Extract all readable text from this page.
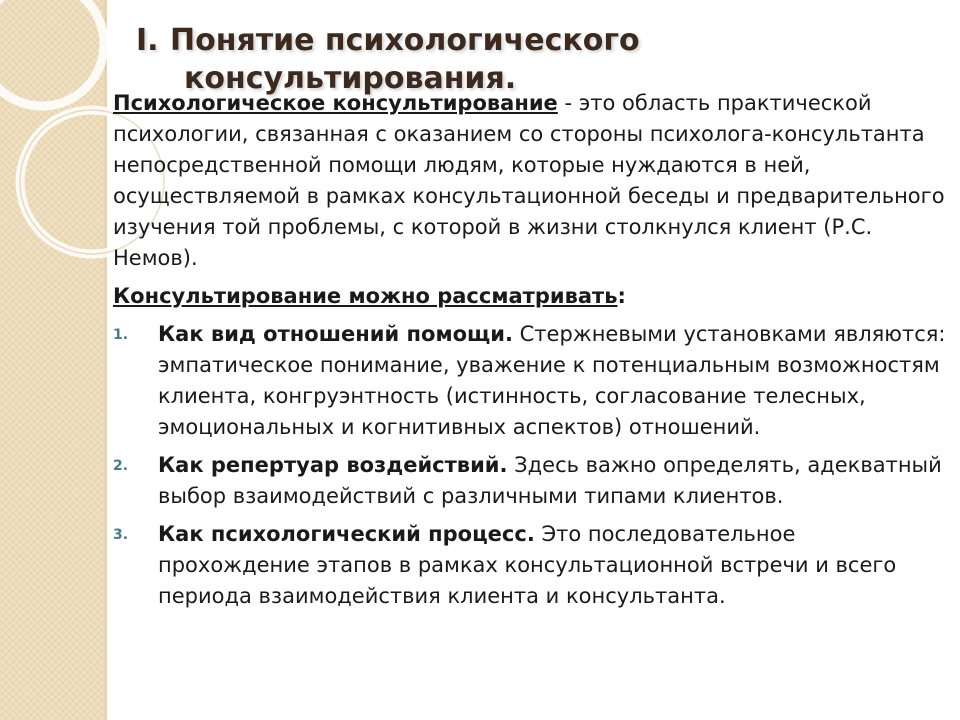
I. Понятие психологического
консультирования.

Психологическое консультирование - это область практической психологии, связанная с оказанием со стороны психолога-консультанта непосредственной помощи людям, которые нуждаются в ней, осуществляемой в рамках консультационной беседы и предварительного изучения той проблемы, с которой в жизни столкнулся клиент (Р.С. Немов).

Консультирование можно рассматривать:

1. Как вид отношений помощи. Стержневыми установками являются: эмпатическое понимание, уважение к потенциальным возможностям клиента, конгруэнтность (истинность, согласование телесных, эмоциональных и когнитивных аспектов) отношений.
2. Как репертуар воздействий. Здесь важно определять, адекватный выбор взаимодействий с различными типами клиентов.
3. Как психологический процесс. Это последовательное прохождение этапов в рамках консультационной встречи и всего периода взаимодействия клиента и консультанта.
